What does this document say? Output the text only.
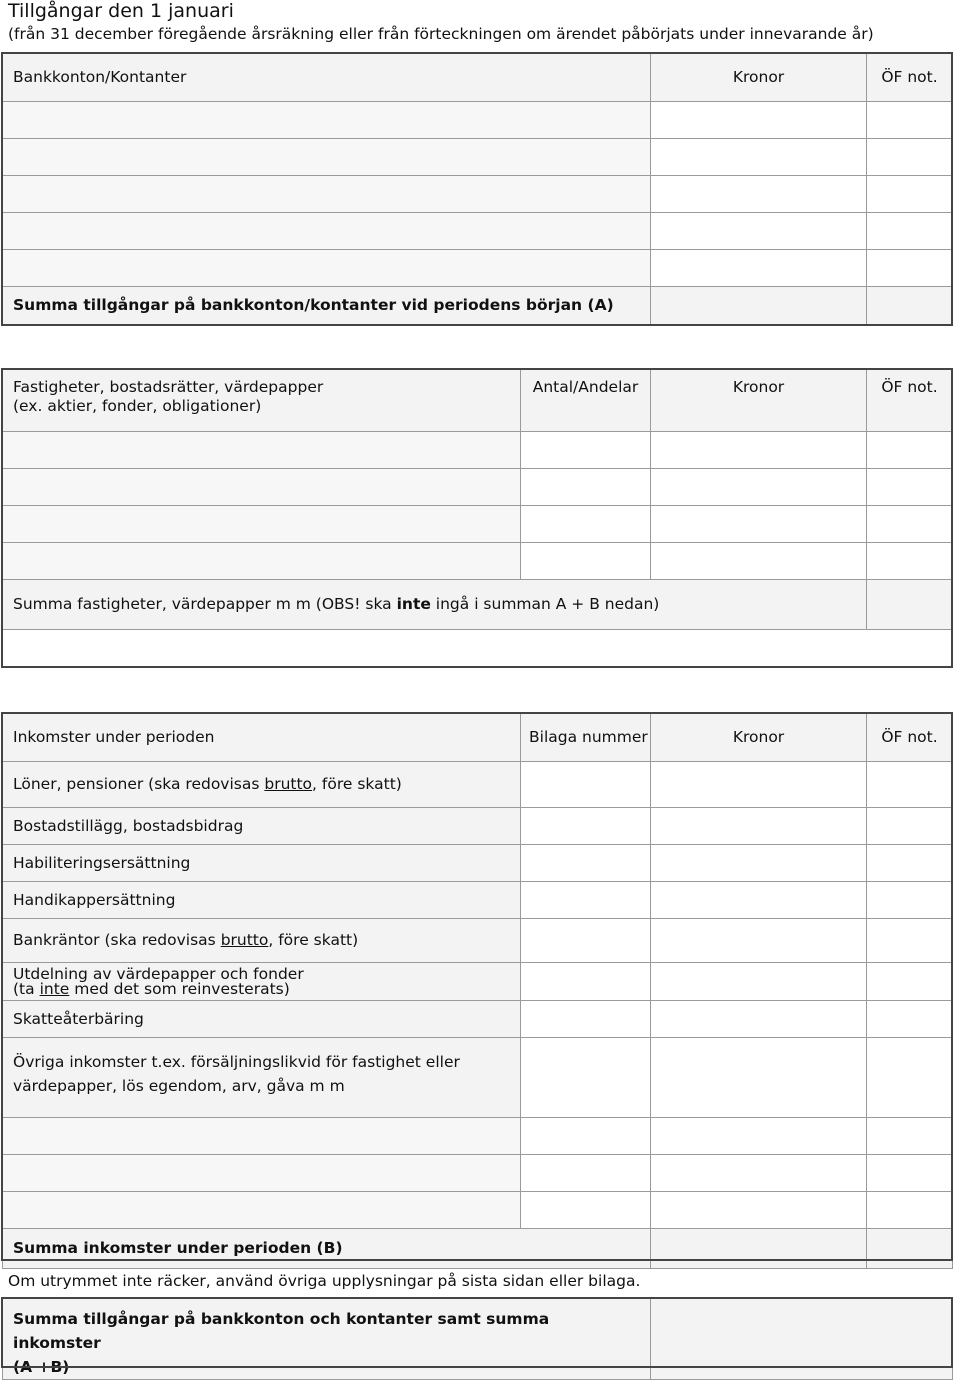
Tillgångar den 1 januari
(från 31 december föregående årsräkning eller från förteckningen om ärendet påbörjats under innevarande år)
Bankkonton/Kontanter	Kronor	ÖF not.

Summa tillgångar på bankkonton/kontanter vid periodens början (A)		
Fastigheter, bostadsrätter, värdepapper
(ex. aktier, fonder, obligationer)	Antal/Andelar	Kronor	ÖF not.

Summa fastigheter, värdepapper m m (OBS! ska inte ingå i summan A + B nedan)			
Inkomster under perioden	Bilaga nummer	Kronor	ÖF not.
Löner, pensioner (ska redovisas brutto, före skatt)			
Bostadstillägg, bostadsbidrag			
Habiliteringsersättning			
Handikappersättning			
Bankräntor (ska redovisas brutto, före skatt)			

Utdelning av värdepapper och fonder
(ta inte med det som reinvesterats)			

Skatteåterbäring			

Övriga inkomster t.ex. försäljningslikvid för fastighet eller
värdepapper, lös egendom, arv, gåva m m			

Summa inkomster under perioden (B)			
Om utrymmet inte räcker, använd övriga upplysningar på sista sidan eller bilaga.
Summa tillgångar på bankkonton och kontanter samt summa inkomster
(A +B)
